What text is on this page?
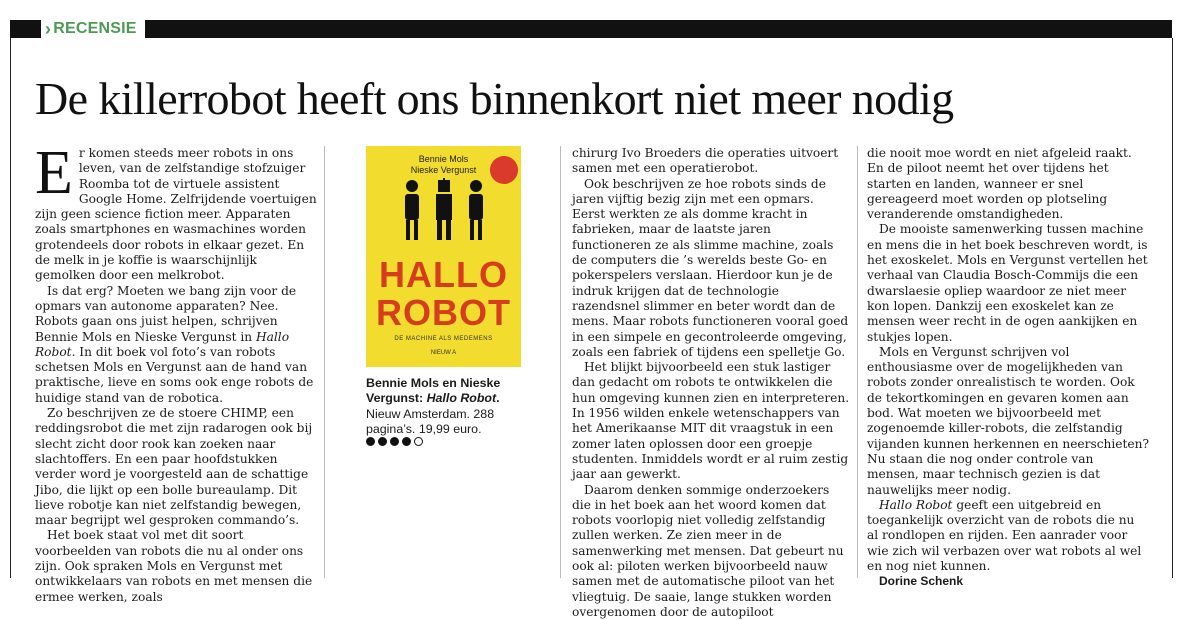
› RECENSIE
De killerrobot heeft ons binnenkort niet meer nodig

Er komen steeds meer robots in ons leven, van de zelfstandige stofzuiger Roomba tot de virtuele assistent Google Home. Zelfrijdende voertuigen zijn geen science fiction meer. Apparaten zoals smartphones en wasmachines worden grotendeels door robots in elkaar gezet. En de melk in je koffie is waarschijnlijk gemolken door een melkrobot.

Is dat erg? Moeten we bang zijn voor de opmars van autonome apparaten? Nee. Robots gaan ons juist helpen, schrijven Bennie Mols en Nieske Vergunst in Hallo Robot. In dit boek vol foto’s van robots schetsen Mols en Vergunst aan de hand van praktische, lieve en soms ook enge robots de huidige stand van de robotica.

Zo beschrijven ze de stoere CHIMP, een reddingsrobot die met zijn radarogen ook bij slecht zicht door rook kan zoeken naar slachtoffers. En een paar hoofdstukken verder word je voorgesteld aan de schattige Jibo, die lijkt op een bolle bureaulamp. Dit lieve robotje kan niet zelfstandig bewegen, maar begrijpt wel gesproken commando’s.

Het boek staat vol met dit soort voorbeelden van robots die nu al onder ons zijn. Ook spraken Mols en Vergunst met ontwikkelaars van robots en met mensen die ermee werken, zoals

Bennie Mols
Nieske Vergunst
HALLO
ROBOT
DE MACHINE ALS MEDEMENS
NIEUW A
Bennie Mols en Nieske Vergunst: Hallo Robot. Nieuw Amsterdam. 288 pagina’s. 19,99 euro.

chirurg Ivo Broeders die operaties uitvoert samen met een operatierobot.

Ook beschrijven ze hoe robots sinds de jaren vijftig bezig zijn met een opmars. Eerst werkten ze als domme kracht in fabrieken, maar de laatste jaren functioneren ze als slimme machine, zoals de computers die ’s werelds beste Go- en pokerspelers verslaan. Hierdoor kun je de indruk krijgen dat de technologie razendsnel slimmer en beter wordt dan de mens. Maar robots functioneren vooral goed in een simpele en gecontroleerde omgeving, zoals een fabriek of tijdens een spelletje Go.

Het blijkt bijvoorbeeld een stuk lastiger dan gedacht om robots te ontwikkelen die hun omgeving kunnen zien en interpreteren. In 1956 wilden enkele wetenschappers van het Amerikaanse MIT dit vraagstuk in een zomer laten oplossen door een groepje studenten. Inmiddels wordt er al ruim zestig jaar aan gewerkt.

Daarom denken sommige onderzoekers die in het boek aan het woord komen dat robots voorlopig niet volledig zelfstandig zullen werken. Ze zien meer in de samenwerking met mensen. Dat gebeurt nu ook al: piloten werken bijvoorbeeld nauw samen met de automatische piloot van het vliegtuig. De saaie, lange stukken worden overgenomen door de autopiloot

die nooit moe wordt en niet afgeleid raakt. En de piloot neemt het over tijdens het starten en landen, wanneer er snel gereageerd moet worden op plotseling veranderende omstandigheden.

De mooiste samenwerking tussen machine en mens die in het boek beschreven wordt, is het exoskelet. Mols en Vergunst vertellen het verhaal van Claudia Bosch-Commijs die een dwarslaesie opliep waardoor ze niet meer kon lopen. Dankzij een exoskelet kan ze mensen weer recht in de ogen aankijken en stukjes lopen.

Mols en Vergunst schrijven vol enthousiasme over de mogelijkheden van robots zonder onrealistisch te worden. Ook de tekortkomingen en gevaren komen aan bod. Wat moeten we bijvoorbeeld met zogenoemde killer-robots, die zelfstandig vijanden kunnen herkennen en neerschieten? Nu staan die nog onder controle van mensen, maar technisch gezien is dat nauwelijks meer nodig.

Hallo Robot geeft een uitgebreid en toegankelijk overzicht van de robots die nu al rondlopen en rijden. Een aanrader voor wie zich wil verbazen over wat robots al wel en nog niet kunnen.

Dorine Schenk
